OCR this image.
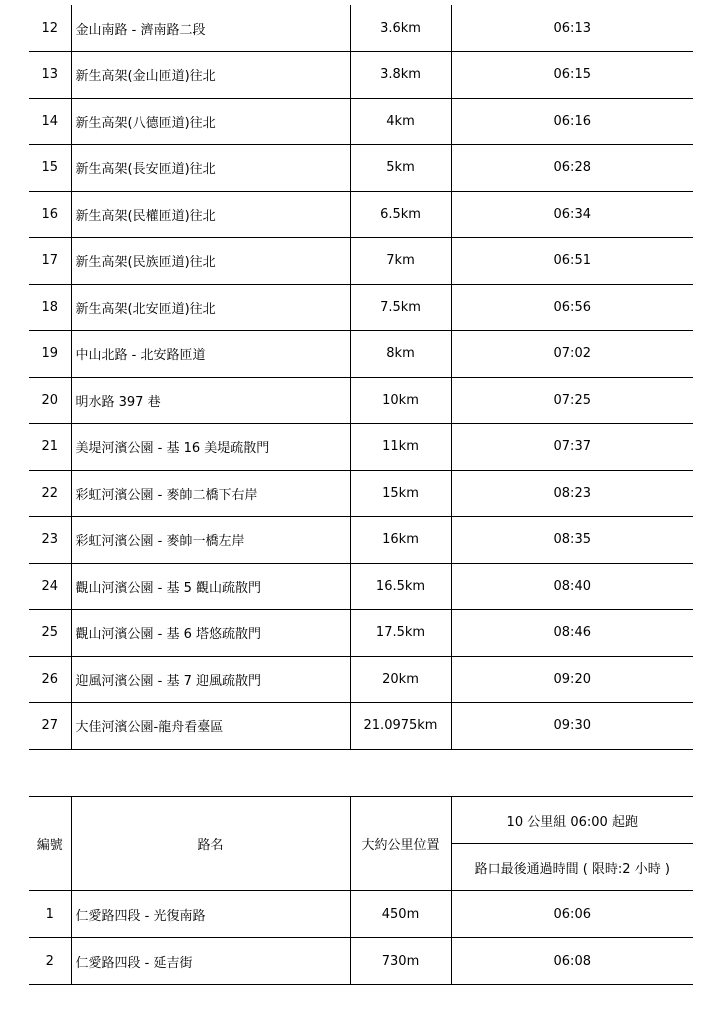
12	金山南路 - 濟南路二段	3.6km	06:13
13	新生高架(金山匝道)往北	3.8km	06:15
14	新生高架(八德匝道)往北	4km	06:16
15	新生高架(長安匝道)往北	5km	06:28
16	新生高架(民權匝道)往北	6.5km	06:34
17	新生高架(民族匝道)往北	7km	06:51
18	新生高架(北安匝道)往北	7.5km	06:56
19	中山北路 - 北安路匝道	8km	07:02
20	明水路 397 巷	10km	07:25
21	美堤河濱公園 - 基 16 美堤疏散門	11km	07:37
22	彩虹河濱公園 - 麥帥二橋下右岸	15km	08:23
23	彩虹河濱公園 - 麥帥一橋左岸	16km	08:35
24	觀山河濱公園 - 基 5 觀山疏散門	16.5km	08:40
25	觀山河濱公園 - 基 6 塔悠疏散門	17.5km	08:46
26	迎風河濱公園 - 基 7 迎風疏散門	20km	09:20
27	大佳河濱公園-龍舟看臺區	21.0975km	09:30
編號	路名	大約公里位置	10 公里組 06:00 起跑
			路口最後通過時間 ( 限時:2 小時 )
1	仁愛路四段 - 光復南路	450m	06:06
2	仁愛路四段 - 延吉街	730m	06:08
